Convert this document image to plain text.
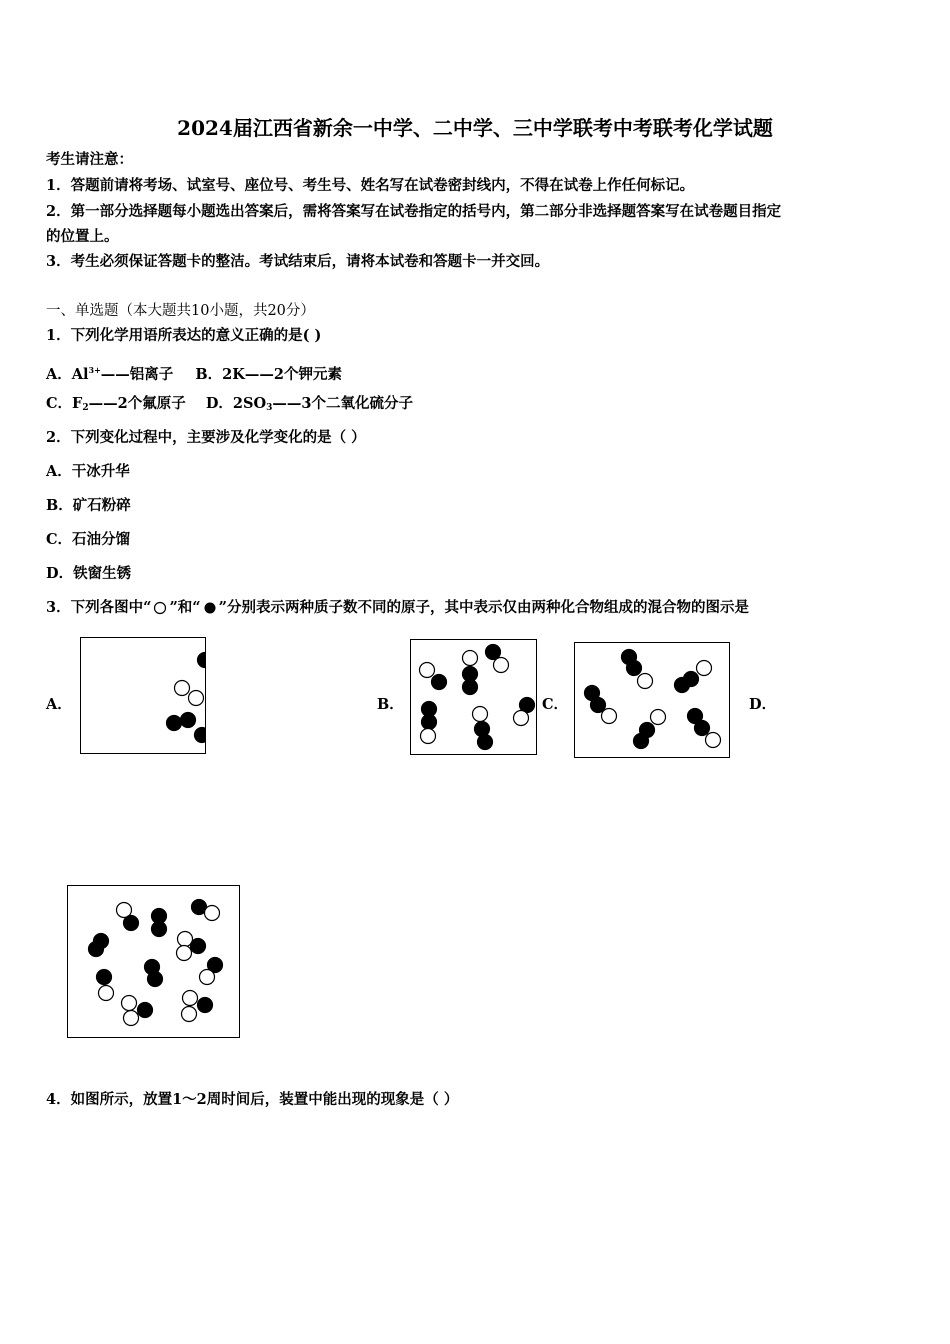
2024届江西省新余一中学、二中学、三中学联考中考联考化学试题
考生请注意：
1．答题前请将考场、试室号、座位号、考生号、姓名写在试卷密封线内，不得在试卷上作任何标记。
2．第一部分选择题每小题选出答案后，需将答案写在试卷指定的括号内，第二部分非选择题答案写在试卷题目指定
的位置上。
3．考生必须保证答题卡的整洁。考试结束后，请将本试卷和答题卡一并交回。
一、单选题（本大题共10小题，共20分）
1．下列化学用语所表达的意义正确的是( )
A．$Al^{3+}——$铝离子 B．2K——2个钾元素
C．$F_2——2$个氟原子 D．$2SO_3——3$个二氧化硫分子
2．下列变化过程中，主要涉及化学变化的是（ ）
A．干冰升华
B．矿石粉碎
C．石油分馏
D．铁窗生锈
3．下列各图中“ ”和“ ”分别表示两种质子数不同的原子，其中表示仅由两种化合物组成的混合物的图示是
A．	B．	C．	D．
4．如图所示，放置1～2周时间后，装置中能出现的现象是（ ）
